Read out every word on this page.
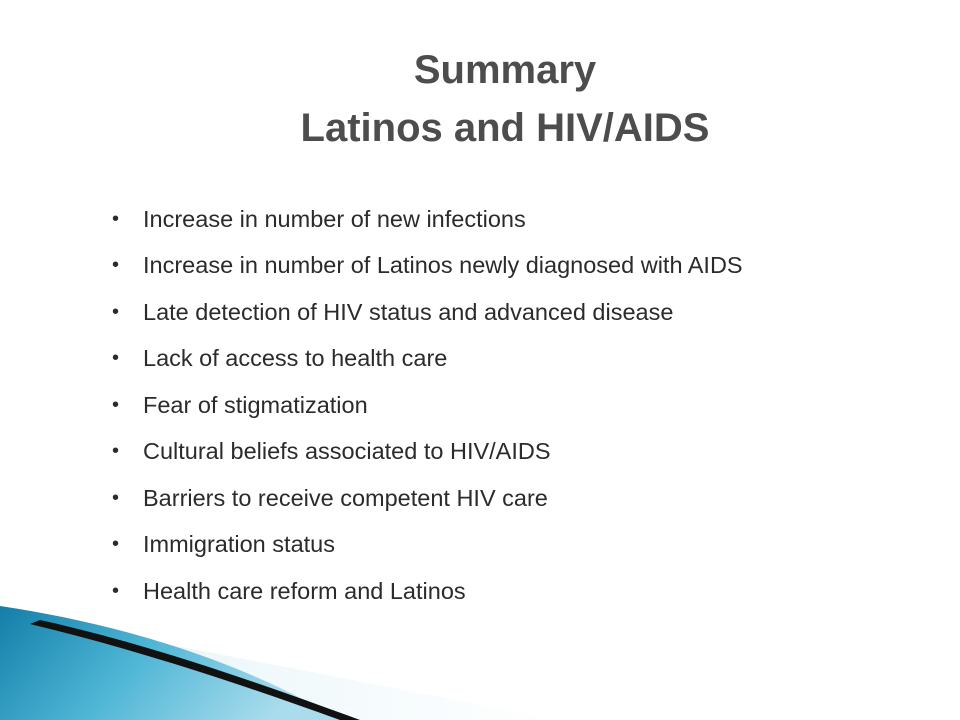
Summary
Latinos and HIV/AIDS
•	Increase in number of new infections
•	Increase in number of Latinos newly diagnosed with AIDS
•	Late detection of HIV status and advanced disease
•	Lack of access to health care
•	Fear of stigmatization
•	Cultural beliefs associated to HIV/AIDS
•	Barriers to receive competent HIV care
•	Immigration status
•	Health care reform and Latinos
